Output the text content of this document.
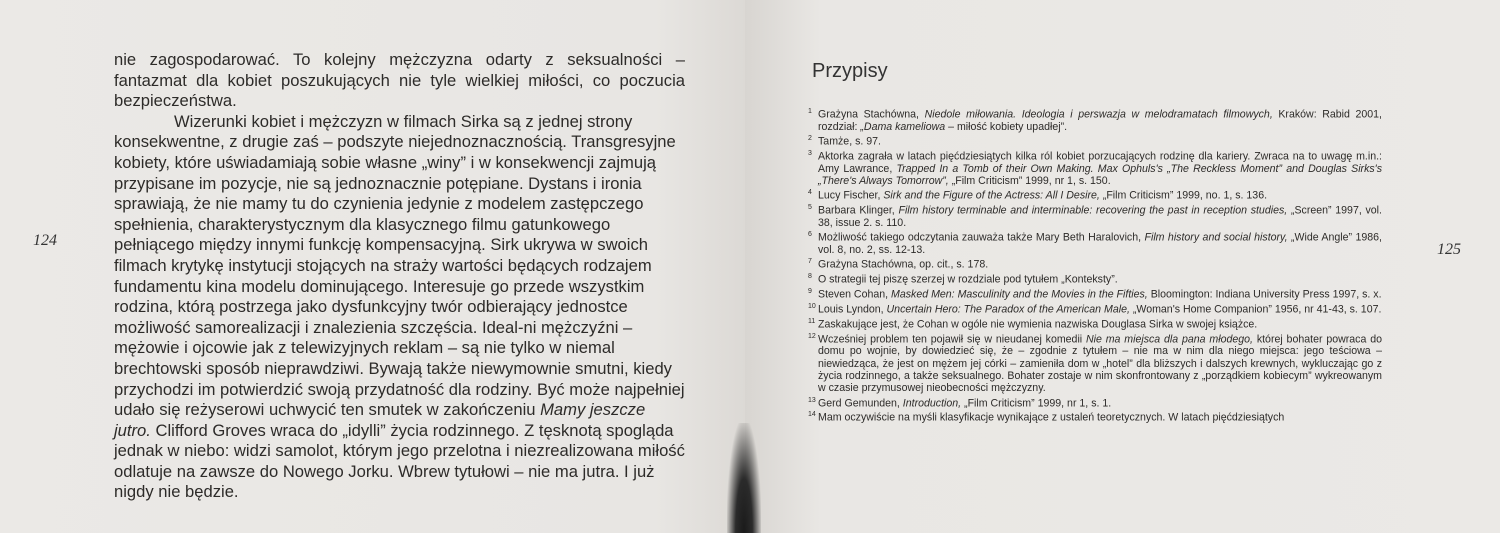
124

nie zagospodarować. To kolejny mężczyzna odarty z seksualności – fantazmat dla kobiet poszukujących nie tyle wielkiej miłości, co poczucia bezpieczeństwa.

Wizerunki kobiet i mężczyzn w filmach Sirka są z jednej strony konsekwentne, z drugie zaś – podszyte niejednoznacznością. Transgresyjne kobiety, które uświadamiają sobie własne „winy” i w konsekwencji zajmują przypisane im pozycje, nie są jednoznacznie potępiane. Dystans i ironia sprawiają, że nie mamy tu do czynienia jedynie z modelem zastępczego spełnienia, charakterystycznym dla klasycznego filmu gatunkowego pełniącego między innymi funkcję kompensacyjną. Sirk ukrywa w swoich filmach krytykę instytucji stojących na straży wartości będących rodzajem fundamentu kina modelu dominującego. Interesuje go przede wszystkim rodzina, którą postrzega jako dysfunkcyjny twór odbierający jednostce możliwość samorealizacji i znalezienia szczęścia. Ideal-ni mężczyźni – mężowie i ojcowie jak z telewizyjnych reklam – są nie tylko w niemal brechtowski sposób nieprawdziwi. Bywają także niewymownie smutni, kiedy przychodzi im potwierdzić swoją przydatność dla rodziny. Być może najpełniej udało się reżyserowi uchwycić ten smutek w zakończeniu Mamy jeszcze jutro. Clifford Groves wraca do „idylli” życia rodzinnego. Z tęsknotą spogląda jednak w niebo: widzi samolot, którym jego przelotna i niezrealizowana miłość odlatuje na zawsze do Nowego Jorku. Wbrew tytułowi – nie ma jutra. I już nigdy nie będzie.

Przypisy
125
1 Grażyna Stachówna, Niedole miłowania. Ideologia i perswazja w melodramatach filmowych, Kraków: Rabid 2001, rozdział: „Dama kameliowa – miłość kobiety upadłej”.
2 Tamże, s. 97.
3 Aktorka zagrała w latach pięćdziesiątych kilka ról kobiet porzucających rodzinę dla kariery. Zwraca na to uwagę m.in.: Amy Lawrance, Trapped In a Tomb of their Own Making. Max Ophuls's „The Reckless Moment” and Douglas Sirks's „There's Always Tomorrow”, „Film Criticism” 1999, nr 1, s. 150.
4 Lucy Fischer, Sirk and the Figure of the Actress: All I Desire, „Film Criticism” 1999, no. 1, s. 136.
5 Barbara Klinger, Film history terminable and interminable: recovering the past in reception studies, „Screen” 1997, vol. 38, issue 2. s. 110.
6 Możliwość takiego odczytania zauważa także Mary Beth Haralovich, Film history and social history, „Wide Angle” 1986, vol. 8, no. 2, ss. 12-13.
7 Grażyna Stachówna, op. cit., s. 178.
8 O strategii tej piszę szerzej w rozdziale pod tytułem „Konteksty”.
9 Steven Cohan, Masked Men: Masculinity and the Movies in the Fifties, Bloomington: Indiana University Press 1997, s. x.
10 Louis Lyndon, Uncertain Hero: The Paradox of the American Male, „Woman's Home Companion” 1956, nr 41-43, s. 107.
11 Zaskakujące jest, że Cohan w ogóle nie wymienia nazwiska Douglasa Sirka w swojej książce.
12 Wcześniej problem ten pojawił się w nieudanej komedii Nie ma miejsca dla pana młodego, której bohater powraca do domu po wojnie, by dowiedzieć się, że – zgodnie z tytułem – nie ma w nim dla niego miejsca: jego teściowa – niewiedząca, że jest on mężem jej córki – zamieniła dom w „hotel” dla bliższych i dalszych krewnych, wykluczając go z życia rodzinnego, a także seksualnego. Bohater zostaje w nim skonfrontowany z „porządkiem kobiecym” wykreowanym w czasie przymusowej nieobecności mężczyzny.
13 Gerd Gemunden, Introduction, „Film Criticism” 1999, nr 1, s. 1.
14 Mam oczywiście na myśli klasyfikacje wynikające z ustaleń teoretycznych. W latach pięćdziesiątych
